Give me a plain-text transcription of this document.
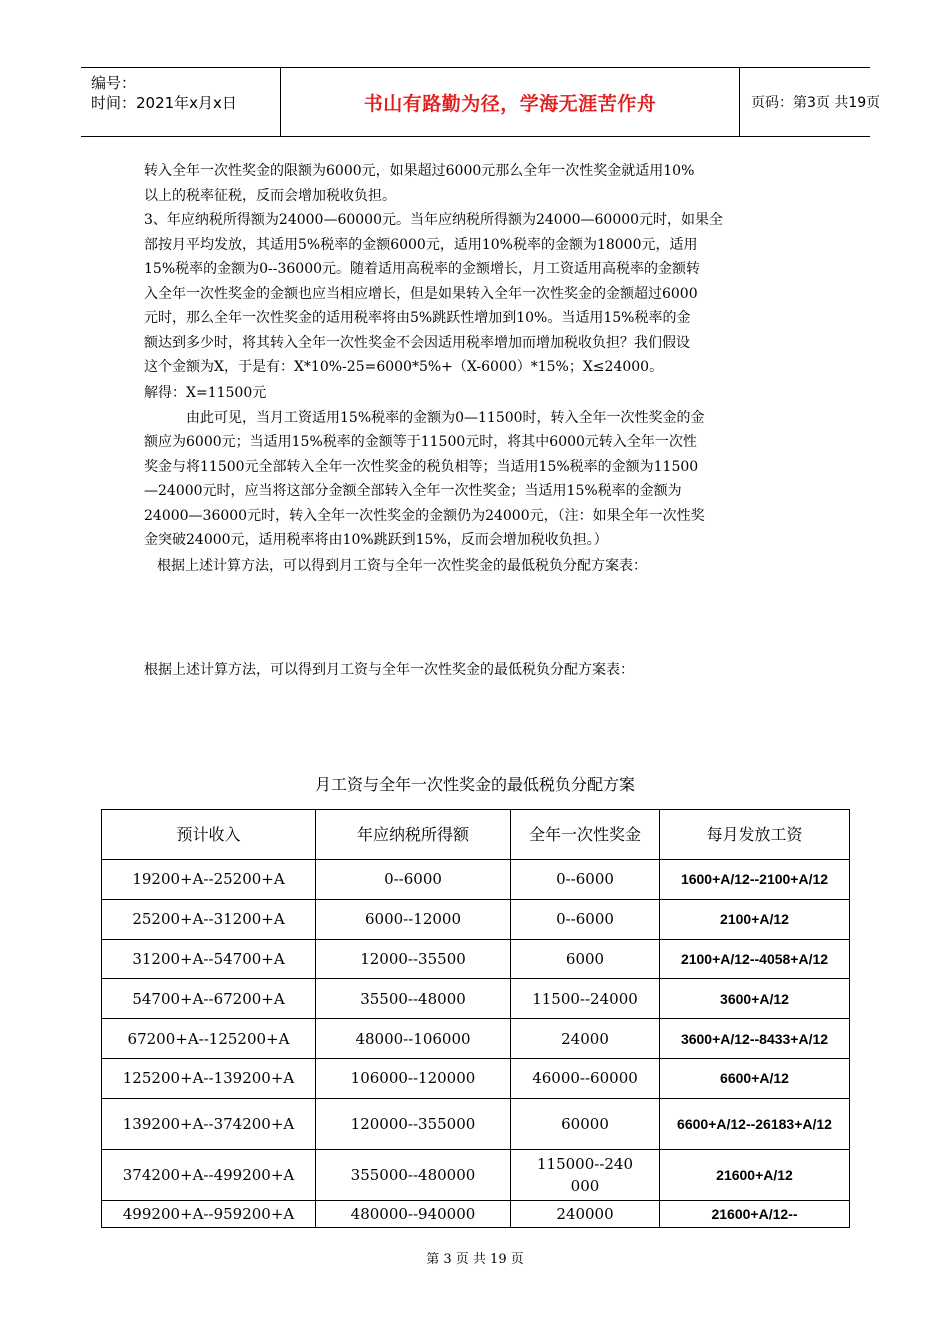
编号：
时间：2021年x月x日	书山有路勤为径，学海无涯苦作舟	页码：第3页 共19页
转入全年一次性奖金的限额为6000元，如果超过6000元那么全年一次性奖金就适用10%
以上的税率征税，反而会增加税收负担。
3、年应纳税所得额为24000—60000元。当年应纳税所得额为24000—60000元时，如果全
部按月平均发放，其适用5%税率的金额6000元，适用10%税率的金额为18000元，适用
15%税率的金额为0--36000元。随着适用高税率的金额增长，月工资适用高税率的金额转
入全年一次性奖金的金额也应当相应增长，但是如果转入全年一次性奖金的金额超过6000
元时，那么全年一次性奖金的适用税率将由5%跳跃性增加到10%。当适用15%税率的金
额达到多少时，将其转入全年一次性奖金不会因适用税率增加而增加税收负担？我们假设
这个金额为X，于是有：X*10%-25=6000*5%+（X-6000）*15%；X≤24000。
解得：X=11500元
由此可见，当月工资适用15%税率的金额为0—11500时，转入全年一次性奖金的金
额应为6000元；当适用15%税率的金额等于11500元时，将其中6000元转入全年一次性
奖金与将11500元全部转入全年一次性奖金的税负相等；当适用15%税率的金额为11500
—24000元时，应当将这部分金额全部转入全年一次性奖金；当适用15%税率的金额为
24000—36000元时，转入全年一次性奖金的金额仍为24000元，（注：如果全年一次性奖
金突破24000元，适用税率将由10%跳跃到15%，反而会增加税收负担。）
根据上述计算方法，可以得到月工资与全年一次性奖金的最低税负分配方案表：
根据上述计算方法，可以得到月工资与全年一次性奖金的最低税负分配方案表：
月工资与全年一次性奖金的最低税负分配方案
预计收入	年应纳税所得额	全年一次性奖金	每月发放工资
19200+A--25200+A	0--6000	0--6000	1600+A/12--2100+A/12
25200+A--31200+A	6000--12000	0--6000	2100+A/12
31200+A--54700+A	12000--35500	6000	2100+A/12--4058+A/12
54700+A--67200+A	35500--48000	11500--24000	3600+A/12
67200+A--125200+A	48000--106000	24000	3600+A/12--8433+A/12
125200+A--139200+A	106000--120000	46000--60000	6600+A/12
139200+A--374200+A	120000--355000	60000	6600+A/12--26183+A/12
374200+A--499200+A	355000--480000	115000--240000	21600+A/12
499200+A--959200+A	480000--940000	240000	21600+A/12--
第 3 页 共 19 页
